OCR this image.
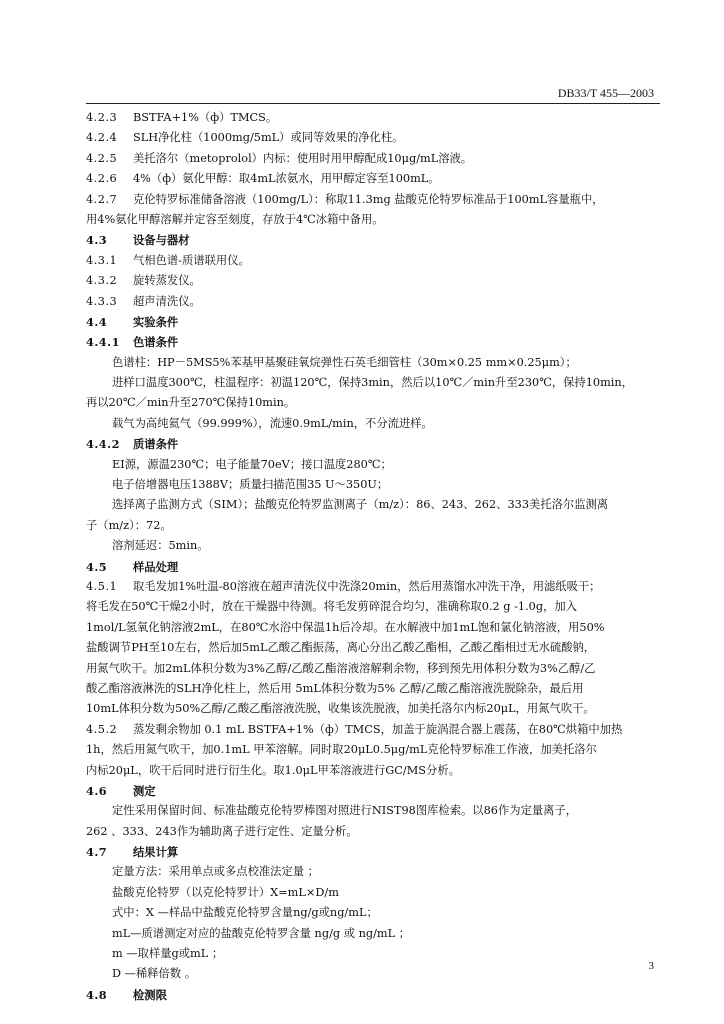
DB33/T 455—2003
4.2.3 BSTFA+1%（ф）TMCS。
4.2.4 SLH净化柱（1000mg/5mL）或同等效果的净化柱。
4.2.5 美托洛尔（metoprolol）内标：使用时用甲醇配成10μg/mL溶液。
4.2.6 4%（ф）氨化甲醇：取4mL浓氨水，用甲醇定容至100mL。
4.2.7 克伦特罗标准储备溶液（100mg/L）：称取11.3mg 盐酸克伦特罗标准品于100mL容量瓶中，
用4%氨化甲醇溶解并定容至刻度，存放于4℃冰箱中备用。
4.3 设备与器材
4.3.1 气相色谱-质谱联用仪。
4.3.2 旋转蒸发仪。
4.3.3 超声清洗仪。
4.4 实验条件
4.4.1 色谱条件
色谱柱：HP－5MS5%苯基甲基聚硅氧烷弹性石英毛细管柱（30m×0.25 mm×0.25μm）；
进样口温度300℃，柱温程序：初温120℃，保持3min，然后以10℃／min升至230℃，保持10min，
再以20℃／min升至270℃保持10min。
载气为高纯氦气（99.999%），流速0.9mL/min，不分流进样。
4.4.2 质谱条件
EI源，源温230℃；电子能量70eV；接口温度280℃；
电子倍增器电压1388V；质量扫描范围35 U～350U；
选择离子监测方式（SIM）；盐酸克伦特罗监测离子（m/z）：86、243、262、333美托洛尔监测离
子（m/z）：72。
溶剂延迟：5min。
4.5 样品处理
4.5.1 取毛发加1%吐温-80溶液在超声清洗仪中洗涤20min，然后用蒸馏水冲洗干净，用滤纸吸干；
将毛发在50℃干燥2小时，放在干燥器中待测。将毛发剪碎混合均匀，准确称取0.2 g -1.0g，加入
1mol/L氢氧化钠溶液2mL，在80℃水浴中保温1h后冷却。在水解液中加1mL饱和氯化钠溶液，用50%
盐酸调节PH至10左右，然后加5mL乙酸乙酯振荡，离心分出乙酸乙酯相，乙酸乙酯相过无水硫酸钠，
用氮气吹干。加2mL体积分数为3%乙醇/乙酸乙酯溶液溶解剩余物，移到预先用体积分数为3%乙醇/乙
酸乙酯溶液淋洗的SLH净化柱上，然后用 5mL体积分数为5% 乙醇/乙酸乙酯溶液洗脱除杂，最后用
10mL体积分数为50%乙醇/乙酸乙酯溶液洗脱，收集该洗脱液，加美托洛尔内标20μL，用氮气吹干。
4.5.2 蒸发剩余物加 0.1 mL BSTFA+1%（ф）TMCS，加盖于旋涡混合器上震荡，在80℃烘箱中加热
1h，然后用氮气吹干，加0.1mL 甲苯溶解。同时取20μL0.5μg/mL克伦特罗标准工作液，加美托洛尔
内标20μL，吹干后同时进行衍生化。取1.0μL甲苯溶液进行GC/MS分析。
4.6 测定
定性采用保留时间、标准盐酸克伦特罗棒图对照进行NIST98图库检索。以86作为定量离子，
262 、333、243作为辅助离子进行定性、定量分析。
4.7 结果计算
定量方法：采用单点或多点校准法定量 ；
盐酸克伦特罗（以克伦特罗计）X=mL×D/m
式中：X —样品中盐酸克伦特罗含量ng/g或ng/mL；
mL—质谱测定对应的盐酸克伦特罗含量 ng/g 或 ng/mL ；
m —取样量g或mL ；
D —稀释倍数 。
4.8 检测限
3
